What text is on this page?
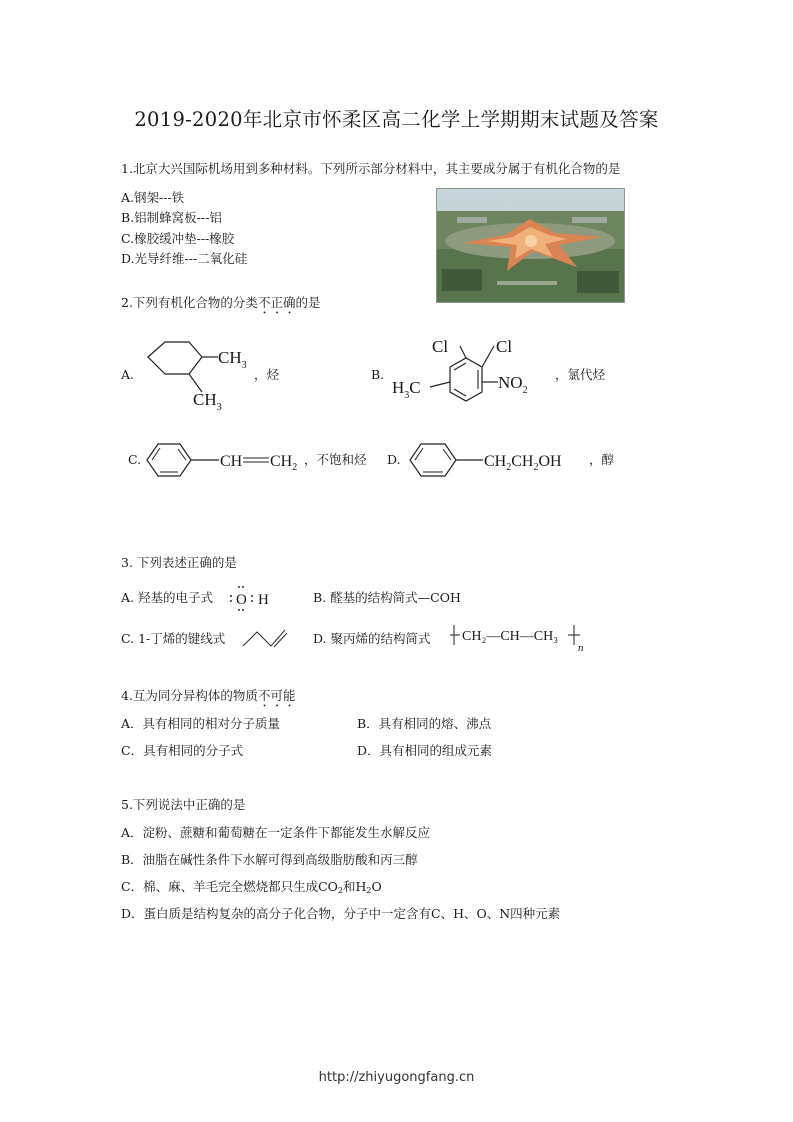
2019-2020年北京市怀柔区高二化学上学期期末试题及答案
1.北京大兴国际机场用到多种材料。下列所示部分材料中，其主要成分属于有机化合物的是
A.钢架---铁
B.铝制蜂窝板---铝
C.橡胶缓冲垫---橡胶
D.光导纤维---二氧化硅
2.下列有机化合物的分类不正确的是
A.
$CH_3$
$CH_3$
，烃	B.
Cl	Cl
$H_3C$	$NO_2$
，氯代烃
C.	CH $CH_2$
，不饱和烃 D.	$CH_2CH_2OH$ ，醇
3. 下列表述正确的是
A. 羟基的电子式 O H	B. 醛基的结构简式—COH
C. 1-丁烯的键线式	D. 聚丙烯的结构简式 CH₂—CH—CH₃
n
4.互为同分异构体的物质不可能
A．具有相同的相对分子质量	B．具有相同的熔、沸点
C．具有相同的分子式	D．具有相同的组成元素
5.下列说法中正确的是
A．淀粉、蔗糖和葡萄糖在一定条件下都能发生水解反应
B．油脂在碱性条件下水解可得到高级脂肪酸和丙三醇
C．棉、麻、羊毛完全燃烧都只生成$CO_2$和$H_2O$
D．蛋白质是结构复杂的高分子化合物，分子中一定含有C、H、O、N四种元素
http://zhiyugongfang.cn
